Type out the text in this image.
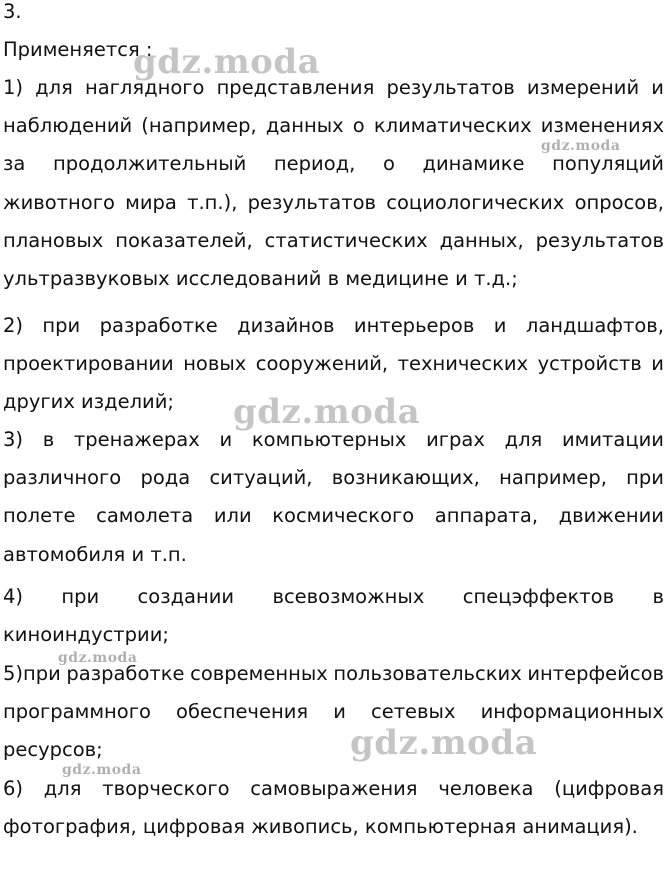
3.
Применяется :
1) для наглядного представления результатов измерений и
наблюдений (например, данных о климатических изменениях
за продолжительный период, о динамике популяций
животного мира т.п.), результатов социологических опросов,
плановых показателей, статистических данных, результатов
ультразвуковых исследований в медицине и т.д.;
2) при разработке дизайнов интерьеров и ландшафтов,
проектировании новых сооружений, технических устройств и
других изделий;
3) в тренажерах и компьютерных играх для имитации
различного рода ситуаций, возникающих, например, при
полете самолета или космического аппарата, движении
автомобиля и т.п.
4) при создании всевозможных спецэффектов в
киноиндустрии;
5)при разработке современных пользовательских интерфейсов
программного обеспечения и сетевых информационных
ресурсов;
6) для творческого самовыражения человека (цифровая
фотография, цифровая живопись, компьютерная анимация).
gdz.moda
gdz.moda
gdz.moda
gdz.moda
gdz.moda
gdz.moda
